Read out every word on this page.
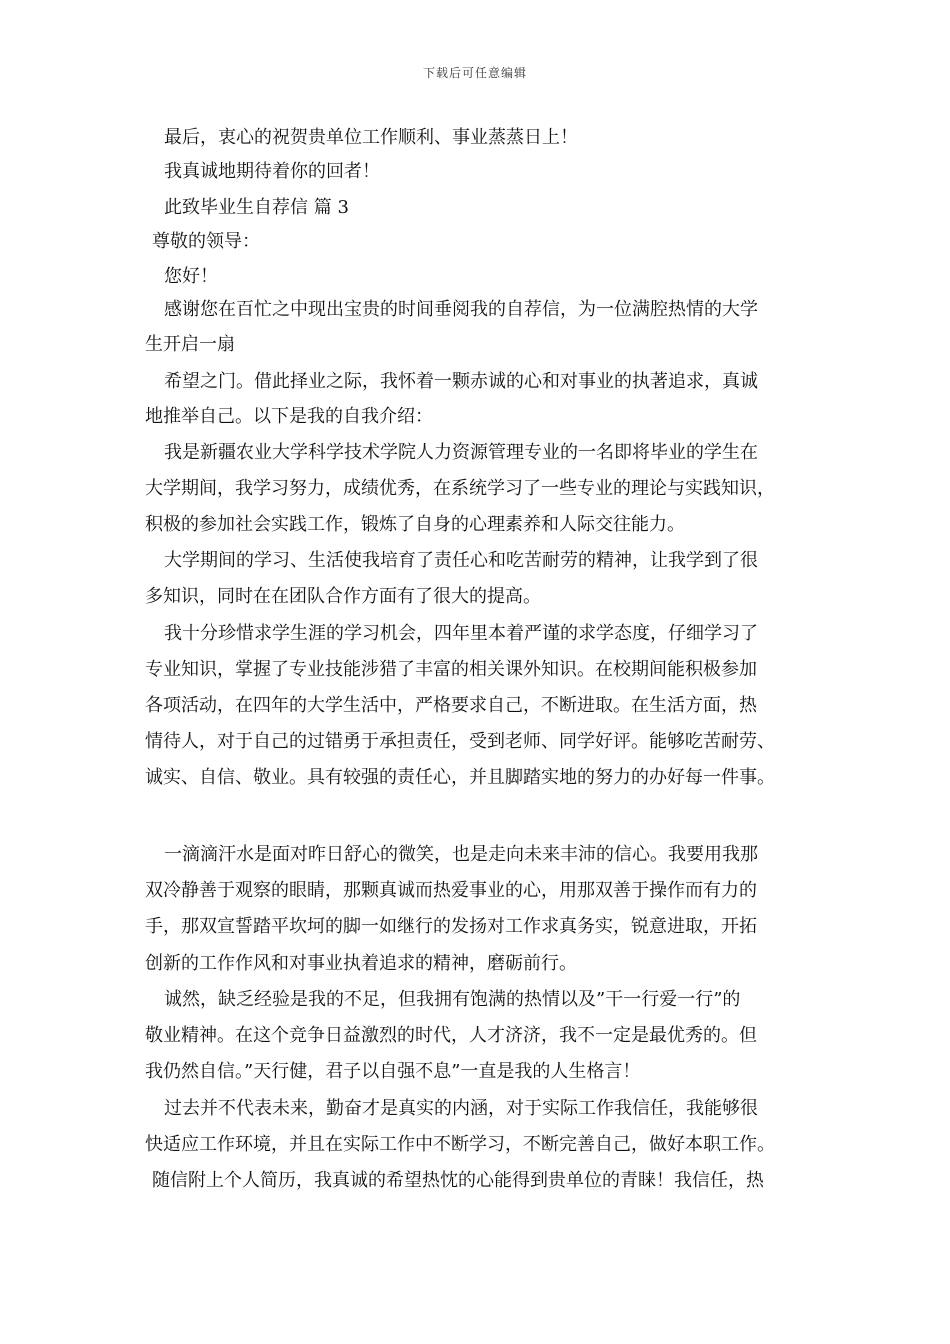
下载后可任意编辑
最后，衷心的祝贺贵单位工作顺利、事业蒸蒸日上！
我真诚地期待着你的回者！
此致毕业生自荐信 篇 3
尊敬的领导：
您好！
感谢您在百忙之中现出宝贵的时间垂阅我的自荐信，为一位满腔热情的大学
生开启一扇
希望之门。借此择业之际，我怀着一颗赤诚的心和对事业的执著追求，真诚
地推举自己。以下是我的自我介绍：
我是新疆农业大学科学技术学院人力资源管理专业的一名即将毕业的学生在
大学期间，我学习努力，成绩优秀，在系统学习了一些专业的理论与实践知识，
积极的参加社会实践工作，锻炼了自身的心理素养和人际交往能力。
大学期间的学习、生活使我培育了责任心和吃苦耐劳的精神，让我学到了很
多知识，同时在在团队合作方面有了很大的提高。
我十分珍惜求学生涯的学习机会，四年里本着严谨的求学态度，仔细学习了
专业知识，掌握了专业技能涉猎了丰富的相关课外知识。在校期间能积极参加
各项活动，在四年的大学生活中，严格要求自己，不断进取。在生活方面，热
情待人，对于自己的过错勇于承担责任，受到老师、同学好评。能够吃苦耐劳、
诚实、自信、敬业。具有较强的责任心，并且脚踏实地的努力的办好每一件事。
一滴滴汗水是面对昨日舒心的微笑，也是走向未来丰沛的信心。我要用我那
双冷静善于观察的眼睛，那颗真诚而热爱事业的心，用那双善于操作而有力的
手，那双宣誓踏平坎坷的脚一如继行的发扬对工作求真务实，锐意进取，开拓
创新的工作作风和对事业执着追求的精神，磨砺前行。
诚然，缺乏经验是我的不足，但我拥有饱满的热情以及”干一行爱一行”的
敬业精神。在这个竞争日益激烈的时代，人才济济，我不一定是最优秀的。但
我仍然自信。”天行健，君子以自强不息”一直是我的人生格言！
过去并不代表未来，勤奋才是真实的内涵，对于实际工作我信任，我能够很
快适应工作环境，并且在实际工作中不断学习，不断完善自己，做好本职工作。
随信附上个人简历，我真诚的希望热忱的心能得到贵单位的青睐！我信任，热
